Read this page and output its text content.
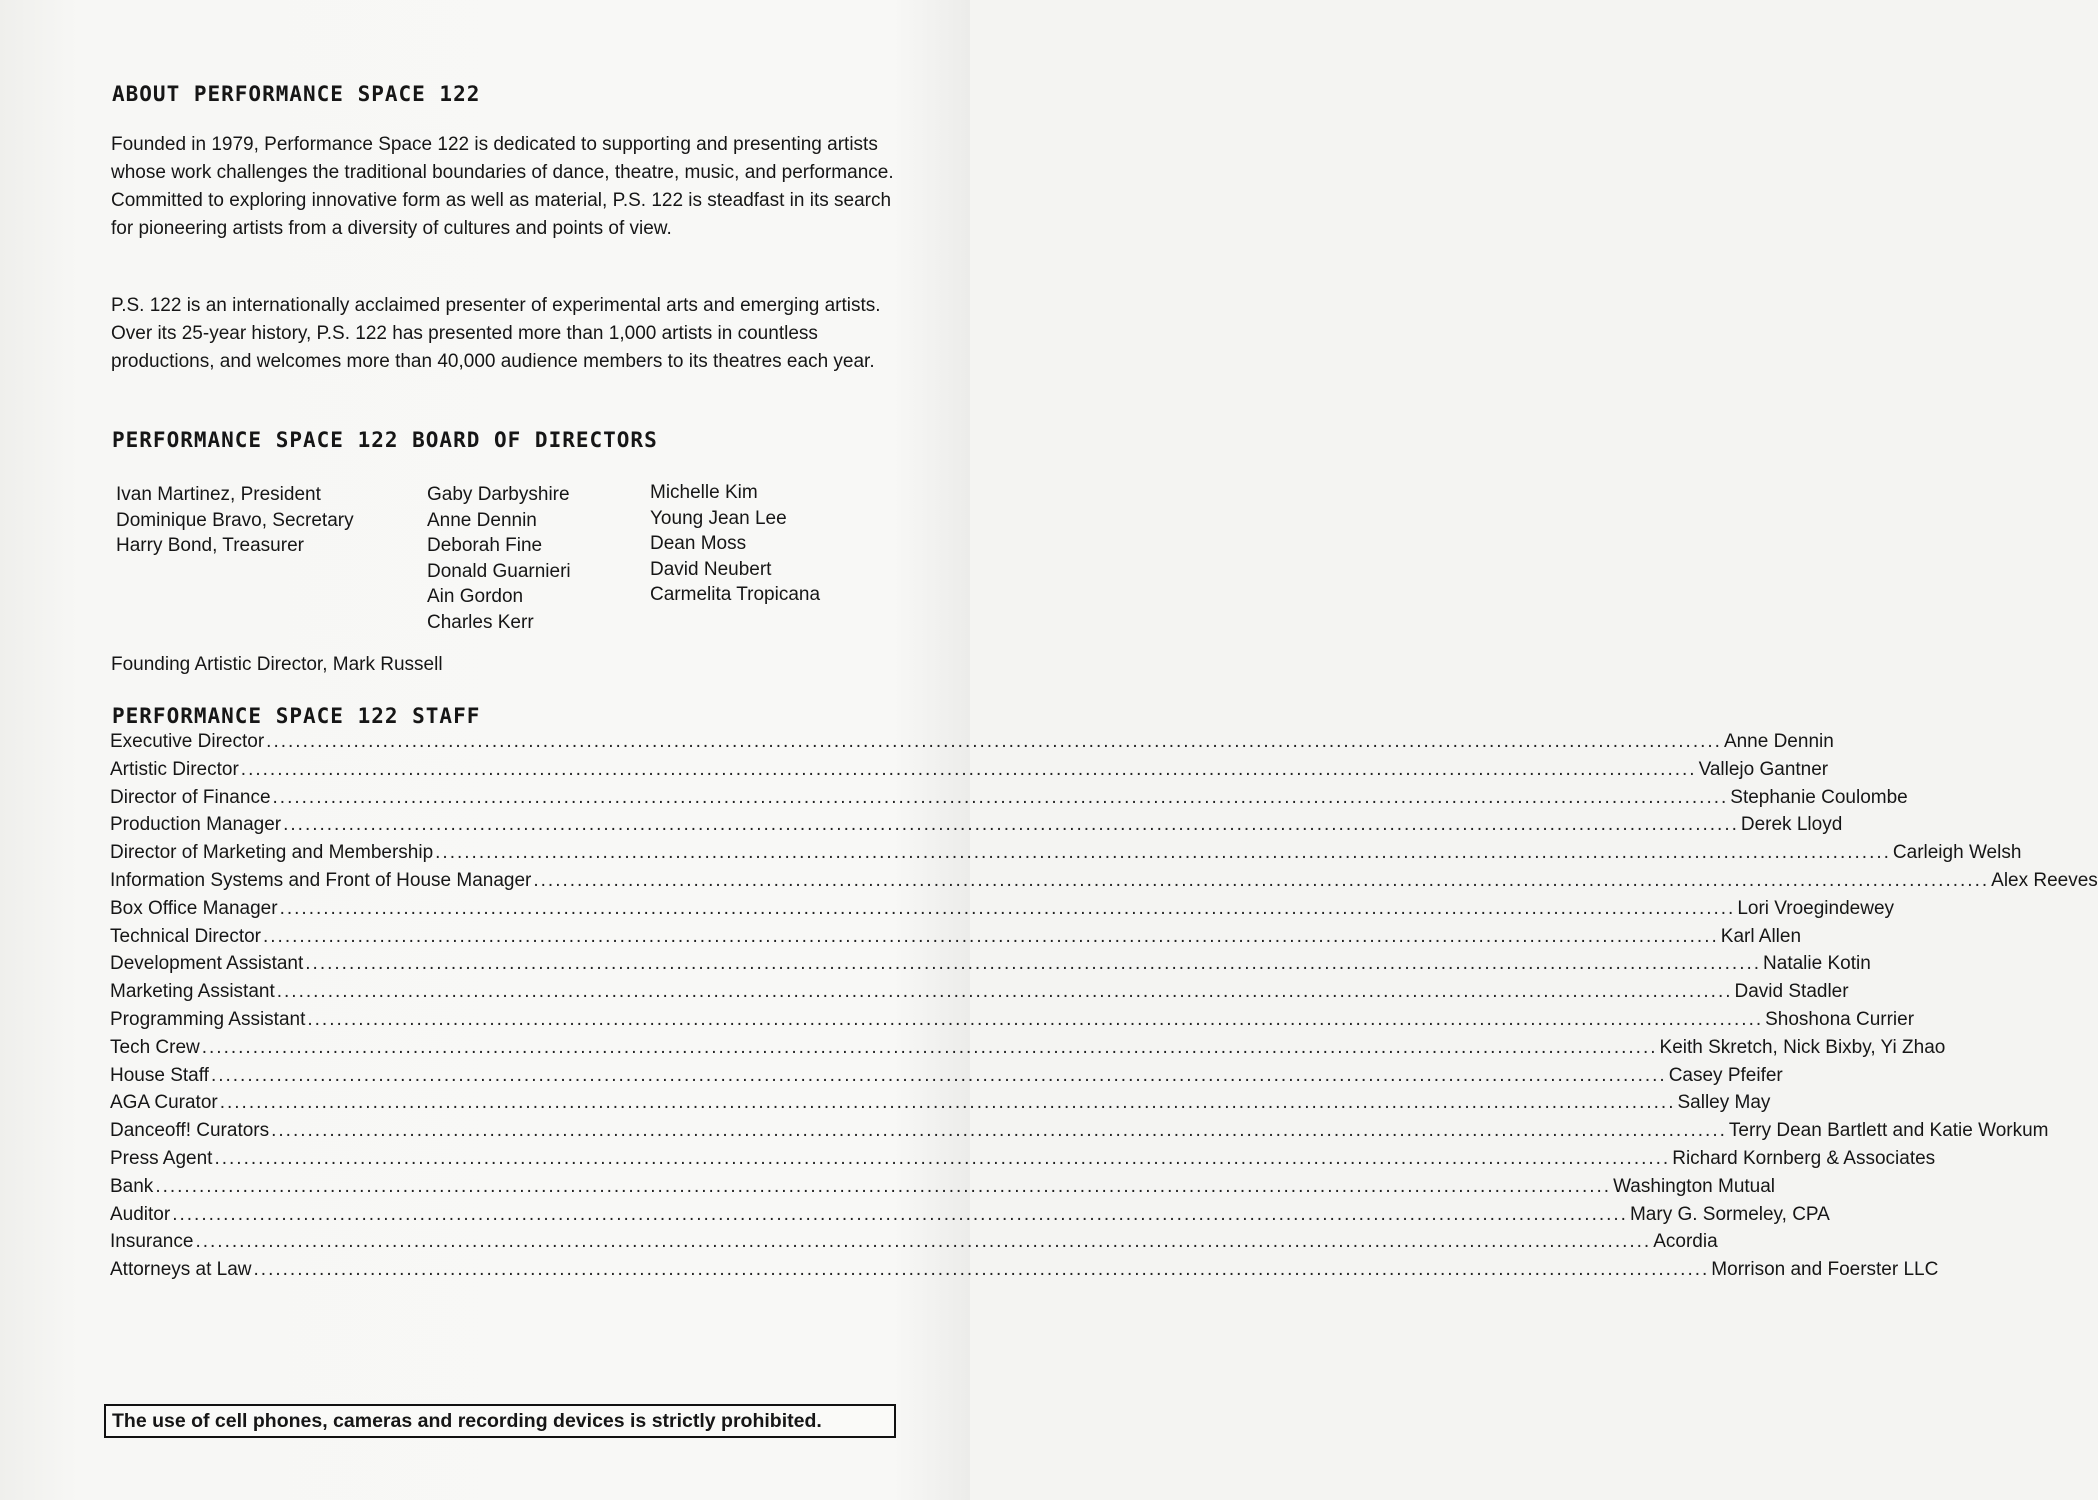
ABOUT PERFORMANCE SPACE 122

Founded in 1979, Performance Space 122 is dedicated to supporting and presenting artists whose work challenges the traditional boundaries of dance, theatre, music, and performance. Committed to exploring innovative form as well as material, P.S. 122 is steadfast in its search for pioneering artists from a diversity of cultures and points of view.

P.S. 122 is an internationally acclaimed presenter of experimental arts and emerging artists. Over its 25-year history, P.S. 122 has presented more than 1,000 artists in countless productions, and welcomes more than 40,000 audience members to its theatres each year.

PERFORMANCE SPACE 122 BOARD OF DIRECTORS
Ivan Martinez, President
Dominique Bravo, Secretary
Harry Bond, Treasurer
Gaby Darbyshire
Anne Dennin
Deborah Fine
Donald Guarnieri
Ain Gordon
Charles Kerr
Michelle Kim
Young Jean Lee
Dean Moss
David Neubert
Carmelita Tropicana
Founding Artistic Director, Mark Russell
PERFORMANCE SPACE 122 STAFF
Executive Director ........................................................................................................................................................................................................ Anne Dennin
Artistic Director ........................................................................................................................................................................................................ Vallejo Gantner
Director of Finance ........................................................................................................................................................................................................ Stephanie Coulombe
Production Manager ........................................................................................................................................................................................................ Derek Lloyd
Director of Marketing and Membership ........................................................................................................................................................................................................ Carleigh Welsh
Information Systems and Front of House Manager ........................................................................................................................................................................................................ Alex Reeves
Box Office Manager ........................................................................................................................................................................................................ Lori Vroegindewey
Technical Director ........................................................................................................................................................................................................ Karl Allen
Development Assistant ........................................................................................................................................................................................................ Natalie Kotin
Marketing Assistant ........................................................................................................................................................................................................ David Stadler
Programming Assistant ........................................................................................................................................................................................................ Shoshona Currier
Tech Crew ........................................................................................................................................................................................................ Keith Skretch, Nick Bixby, Yi Zhao
House Staff ........................................................................................................................................................................................................ Casey Pfeifer
AGA Curator ........................................................................................................................................................................................................ Salley May
Danceoff! Curators ........................................................................................................................................................................................................ Terry Dean Bartlett and Katie Workum
Press Agent ........................................................................................................................................................................................................ Richard Kornberg & Associates
Bank ........................................................................................................................................................................................................ Washington Mutual
Auditor ........................................................................................................................................................................................................ Mary G. Sormeley, CPA
Insurance ........................................................................................................................................................................................................ Acordia
Attorneys at Law ........................................................................................................................................................................................................ Morrison and Foerster LLC
The use of cell phones, cameras and recording devices is strictly prohibited.
